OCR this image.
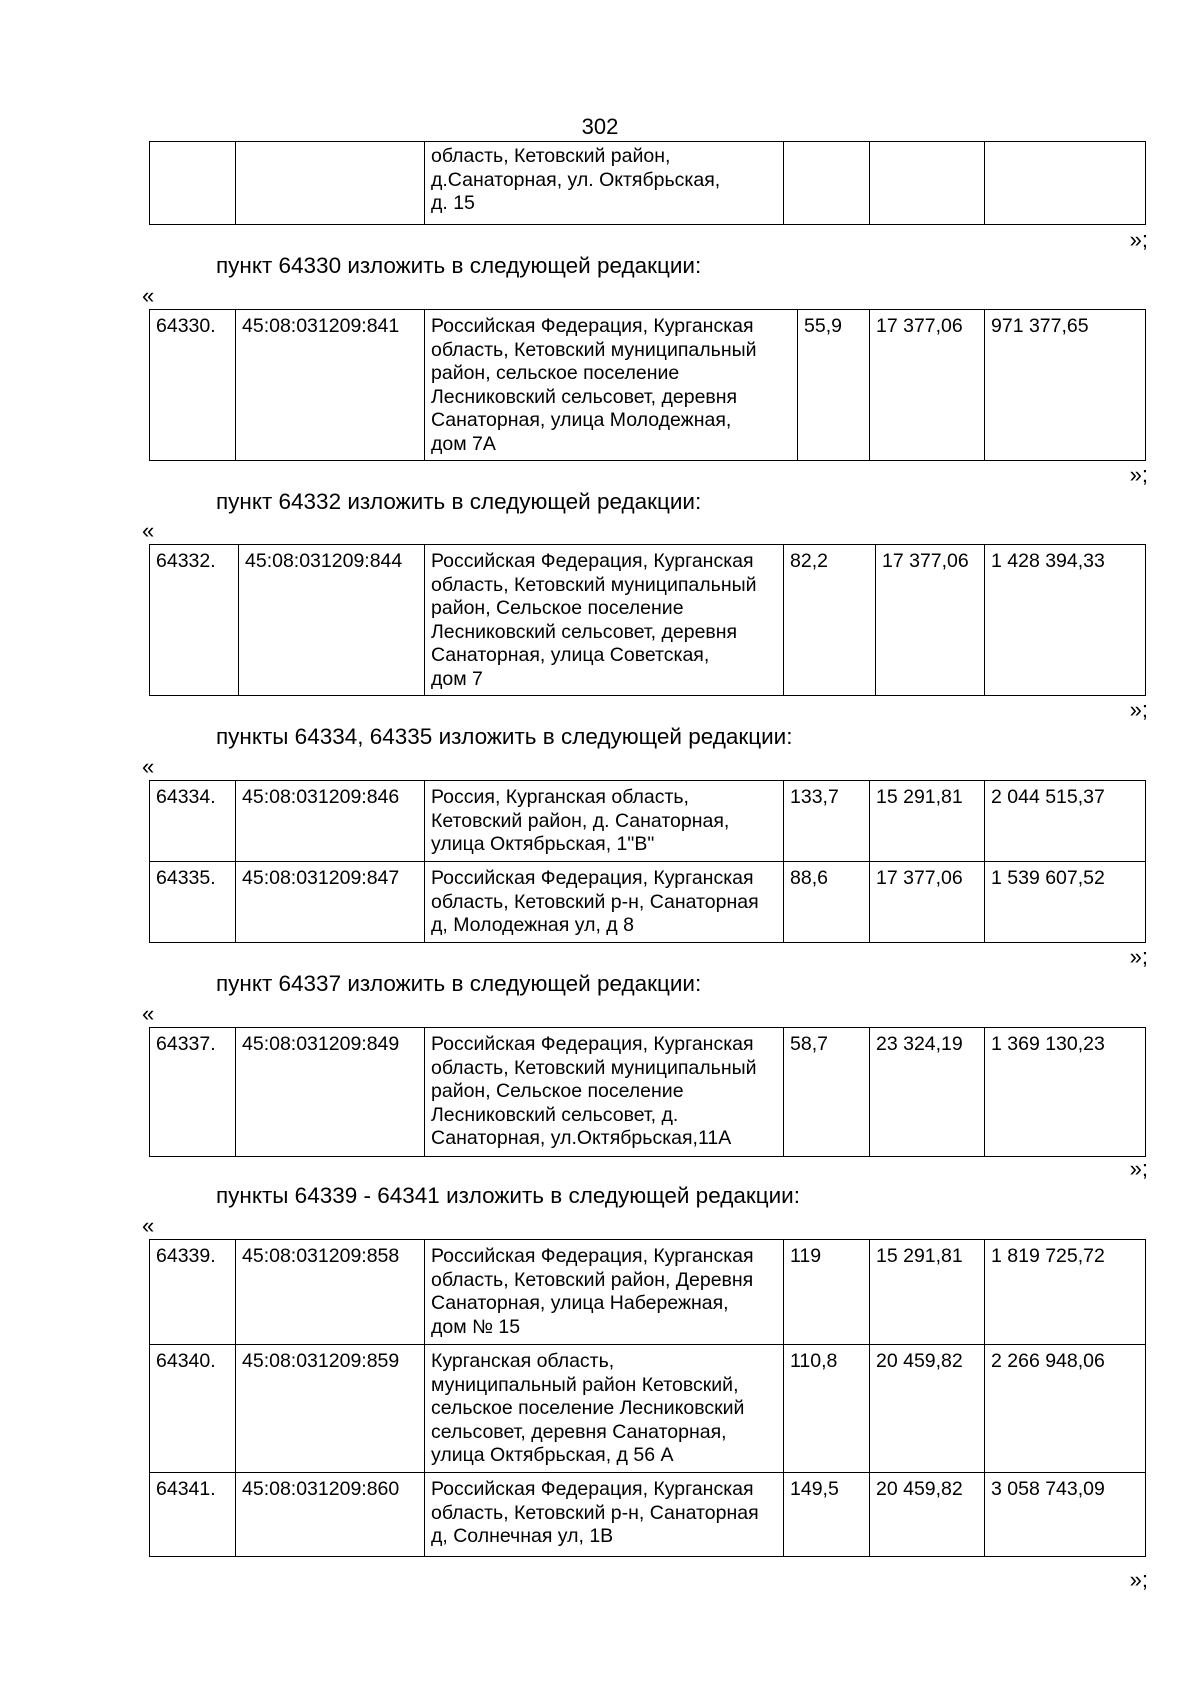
302
		область, Кетовский район,
д.Санаторная, ул. Октябрьская,
д. 15			
»;
пункт 64330 изложить в следующей редакции:
«
64330.	45:08:031209:841	Российская Федерация, Курганская
область, Кетовский муниципальный
район, сельское поселение
Лесниковский сельсовет, деревня
Санаторная, улица Молодежная,
дом 7А	55,9	17 377,06	971 377,65
»;
пункт 64332 изложить в следующей редакции:
«
64332.	45:08:031209:844	Российская Федерация, Курганская
область, Кетовский муниципальный
район, Сельское поселение
Лесниковский сельсовет, деревня
Санаторная, улица Советская,
дом 7	82,2	17 377,06	1 428 394,33
»;
пункты 64334, 64335 изложить в следующей редакции:
«
64334.	45:08:031209:846	Россия, Курганская область,
Кетовский район, д. Санаторная,
улица Октябрьская, 1"В"	133,7	15 291,81	2 044 515,37
64335.	45:08:031209:847	Российская Федерация, Курганская
область, Кетовский р-н, Санаторная
д, Молодежная ул, д 8	88,6	17 377,06	1 539 607,52
»;
пункт 64337 изложить в следующей редакции:
«
64337.	45:08:031209:849	Российская Федерация, Курганская
область, Кетовский муниципальный
район, Сельское поселение
Лесниковский сельсовет, д.
Санаторная, ул.Октябрьская,11А	58,7	23 324,19	1 369 130,23
»;
пункты 64339 - 64341 изложить в следующей редакции:
«
64339.	45:08:031209:858	Российская Федерация, Курганская
область, Кетовский район, Деревня
Санаторная, улица Набережная,
дом № 15	119	15 291,81	1 819 725,72
64340.	45:08:031209:859	Курганская область,
муниципальный район Кетовский,
сельское поселение Лесниковский
сельсовет, деревня Санаторная,
улица Октябрьская, д 56 А	110,8	20 459,82	2 266 948,06
64341.	45:08:031209:860	Российская Федерация, Курганская
область, Кетовский р-н, Санаторная
д, Солнечная ул, 1В	149,5	20 459,82	3 058 743,09
»;
